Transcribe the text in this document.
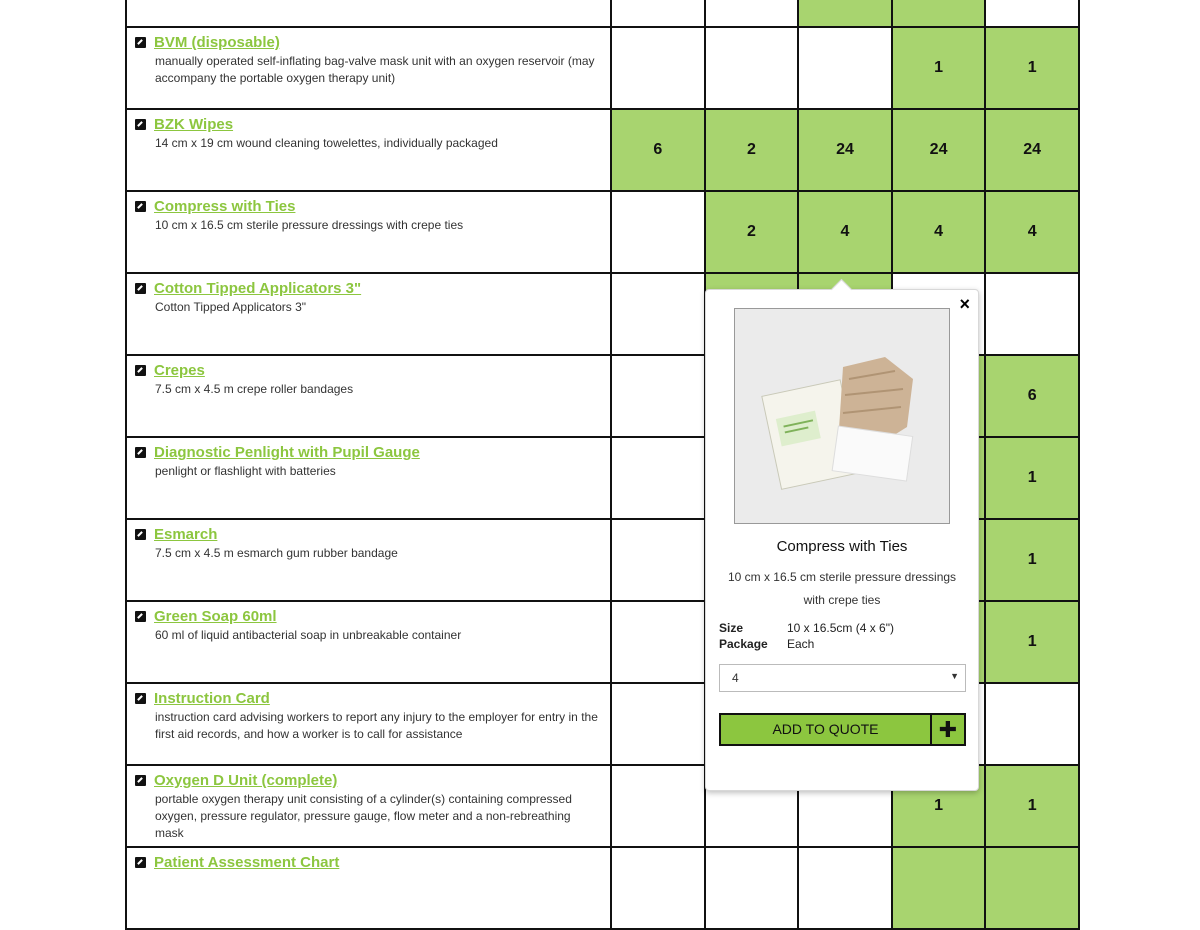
BVM (disposable)
manually operated self-inflating bag-valve mask unit with an oxygen reservoir (may accompany the portable oxygen therapy unit)				1	1

BZK Wipes
14 cm x 19 cm wound cleaning towelettes, individually packaged	6	2	24	24	24

Compress with Ties
10 cm x 16.5 cm sterile pressure dressings with crepe ties		2	4	4	4

Cotton Tipped Applicators 3"
Cotton Tipped Applicators 3"					

Crepes
7.5 cm x 4.5 m crepe roller bandages					6

Diagnostic Penlight with Pupil Gauge
penlight or flashlight with batteries					1

Esmarch
7.5 cm x 4.5 m esmarch gum rubber bandage					1

Green Soap 60ml
60 ml of liquid antibacterial soap in unbreakable container					1

Instruction Card
instruction card advising workers to report any injury to the employer for entry in the first aid records, and how a worker is to call for assistance					

Oxygen D Unit (complete)
portable oxygen therapy unit consisting of a cylinder(s) containing compressed oxygen, pressure regulator, pressure gauge, flow meter and a non-rebreathing mask				1	1

Patient Assessment Chart					

×
Compress with Ties
10 cm x 16.5 cm sterile pressure dressings with crepe ties
Size	10 x 16.5cm (4 x 6")
Package	Each
4	▼
ADD TO QUOTE	✚
